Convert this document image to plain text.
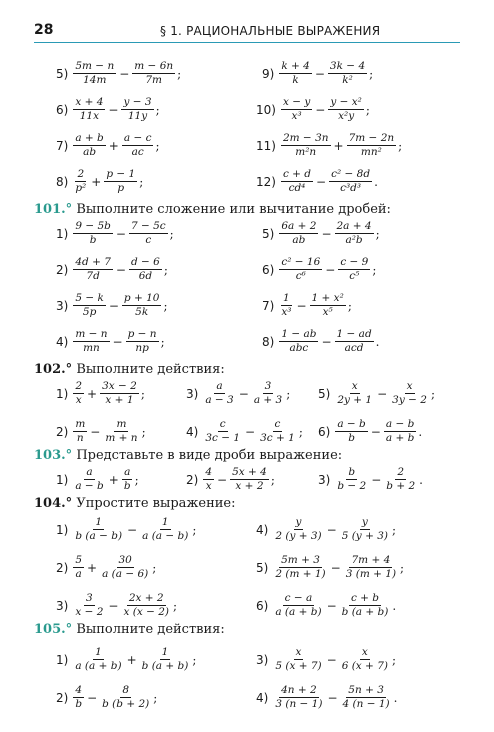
28	§ 1. РАЦИОНАЛЬНЫЕ ВЫРАЖЕНИЯ
101.° Выполните сложение или вычитание дробей:
102.° Выполните действия:
103.° Представьте в виде дроби выражение:
104.° Упростите выражение:
105.° Выполните действия:
$5) \frac{5m - n}{14m} - \frac{m - 6n}{7m}$ ;	$9) \frac{k + 4}{k} - \frac{3k - 4}{\text{k²}}$ ;
$6) \frac{x + 4}{11x} - \frac{y - 3}{11y}$ ;	$10) \frac{x - y}{\text{x³}} - \frac{\text{y − x²}}{\text{x²y}}$ ;
$7) \frac{a + b}{ab} + \frac{a - c}{ac}$ ;	$11) \frac{2m - 3n}{\text{m²n}} + \frac{7m - 2n}{\text{mn²}}$ ;
$8) \frac{2}{\text{p²}} + \frac{p - 1}{p}$ ;	$12) \frac{c + d}{\text{cd⁴}} - \frac{\text{c² − 8d}}{\text{c³d³}}$ .
$1) \frac{9 - 5b}{b} - \frac{7 - 5c}{c}$ ;	$5) \frac{6a + 2}{ab} - \frac{2a + 4}{\text{a²b}}$ ;
$2) \frac{4d + 7}{7d} - \frac{d - 6}{6d}$ ;	$6) \frac{\text{c² − 16}}{\text{c⁶}} - \frac{c - 9}{\text{c⁵}}$ ;
$3) \frac{5 - k}{5p} - \frac{p + 10}{5k}$ ;	$7) \frac{1}{\text{x³}} - \frac{\text{1 + x²}}{\text{x⁵}}$ ;
$4) \frac{m - n}{mn} - \frac{p - n}{np}$ ;	$8) \frac{1 - ab}{\text{abc}} - \frac{1 - ad}{\text{acd}}$ .
$1) \frac{2}{x} + \frac{3x - 2}{x + 1}$ ;	$3) \frac{a}{a - 3} - \frac{3}{a + 3}$ ; $5) \frac{x}{2y + 1} - \frac{x}{3y - 2}$ ;
$2) \frac{m}{n} - \frac{m}{m + n}$ ;	$4) \frac{c}{3c - 1} - \frac{c}{3c + 1}$ ; $6) \frac{a - b}{b} - \frac{a - b}{a + b}$ .
$1) \frac{a}{a - b} + \frac{a}{b}$ ;	$2) \frac{4}{x} - \frac{5x + 4}{x + 2}$ ;	$3) \frac{b}{b - 2} - \frac{2}{b + 2}$ .
$1) \frac{1}{b (a - b)} - \frac{1}{a (a - b)}$ ;	$4) \frac{y}{2 (y + 3)} - \frac{y}{5 (y + 3)}$ ;
$2) \frac{5}{a} + \frac{30}{a (a - 6)}$ ;	$5) \frac{5m + 3}{2 (m + 1)} - \frac{7m + 4}{3 (m + 1)}$ ;
$3) \frac{3}{x - 2} - \frac{2x + 2}{x (x - 2)}$ ;	$6) \frac{c - a}{a (a + b)} - \frac{c + b}{b (a + b)}$ .
$1) \frac{1}{a (a + b)} + \frac{1}{b (a + b)}$ ;	$3) \frac{x}{5 (x + 7)} - \frac{x}{6 (x + 7)}$ ;
$2) \frac{4}{b} - \frac{8}{b (b + 2)}$ ;	$4) \frac{4n + 2}{3 (n - 1)} - \frac{5n + 3}{4 (n - 1)}$ .
